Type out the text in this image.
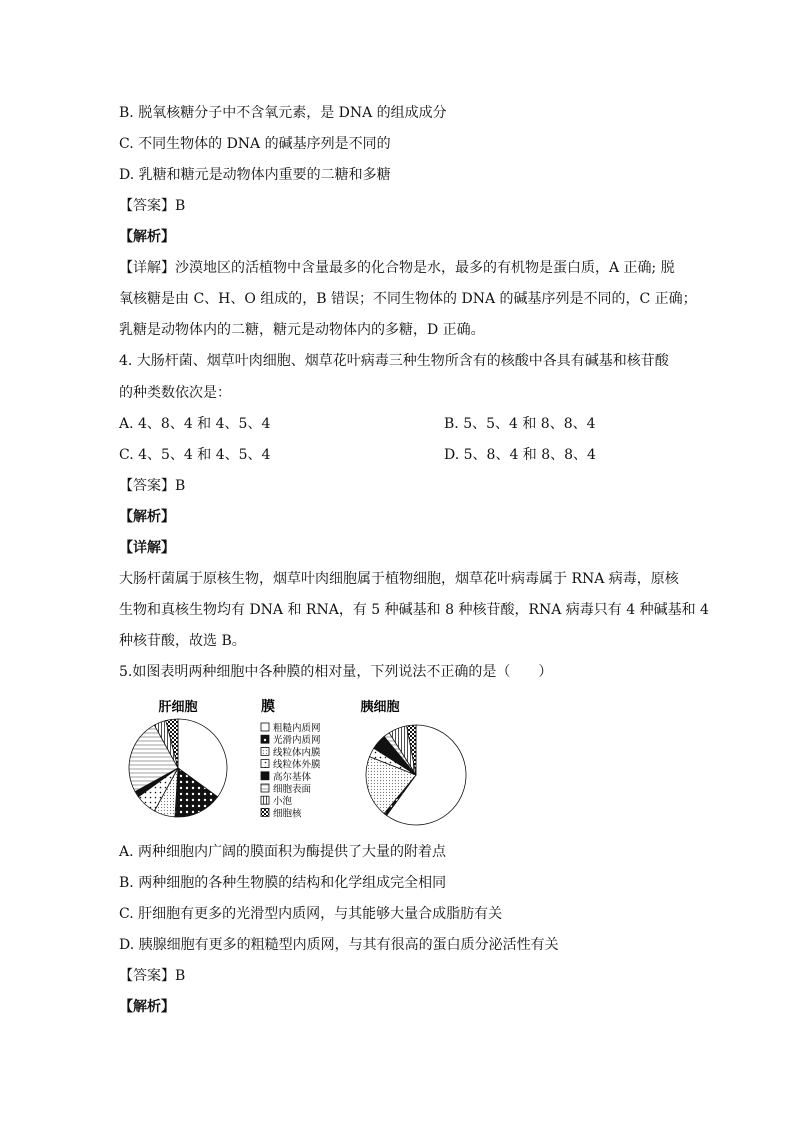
B. 脱氧核糖分子中不含氧元素，是 DNA 的组成成分
C. 不同生物体的 DNA 的碱基序列是不同的
D. 乳糖和糖元是动物体内重要的二糖和多糖
【答案】B
【解析】
【详解】沙漠地区的活植物中含量最多的化合物是水，最多的有机物是蛋白质，A 正确; 脱
氧核糖是由 C、H、O 组成的，B 错误；不同生物体的 DNA 的碱基序列是不同的，C 正确；
乳糖是动物体内的二糖，糖元是动物体内的多糖，D 正确。
4. 大肠杆菌、烟草叶肉细胞、烟草花叶病毒三种生物所含有的核酸中各具有碱基和核苷酸
的种类数依次是：
A. 4、8、4 和 4、5、4	B. 5、5、4 和 8、8、4
C. 4、5、4 和 4、5、4	D. 5、8、4 和 8、8、4
【答案】B
【解析】
【详解】
大肠杆菌属于原核生物，烟草叶肉细胞属于植物细胞，烟草花叶病毒属于 RNA 病毒，原核
生物和真核生物均有 DNA 和 RNA，有 5 种碱基和 8 种核苷酸，RNA 病毒只有 4 种碱基和 4
种核苷酸，故选 B。
5.如图表明两种细胞中各种膜的相对量，下列说法不正确的是（　　）
肝细胞	膜	胰细胞
粗糙内质网
光滑内质网
线粒体内膜
线粒体外膜
高尔基体
细胞表面
小泡
细胞核
A. 两种细胞内广阔的膜面积为酶提供了大量的附着点
B. 两种细胞的各种生物膜的结构和化学组成完全相同
C. 肝细胞有更多的光滑型内质网，与其能够大量合成脂肪有关
D. 胰腺细胞有更多的粗糙型内质网，与其有很高的蛋白质分泌活性有关
【答案】B
【解析】
